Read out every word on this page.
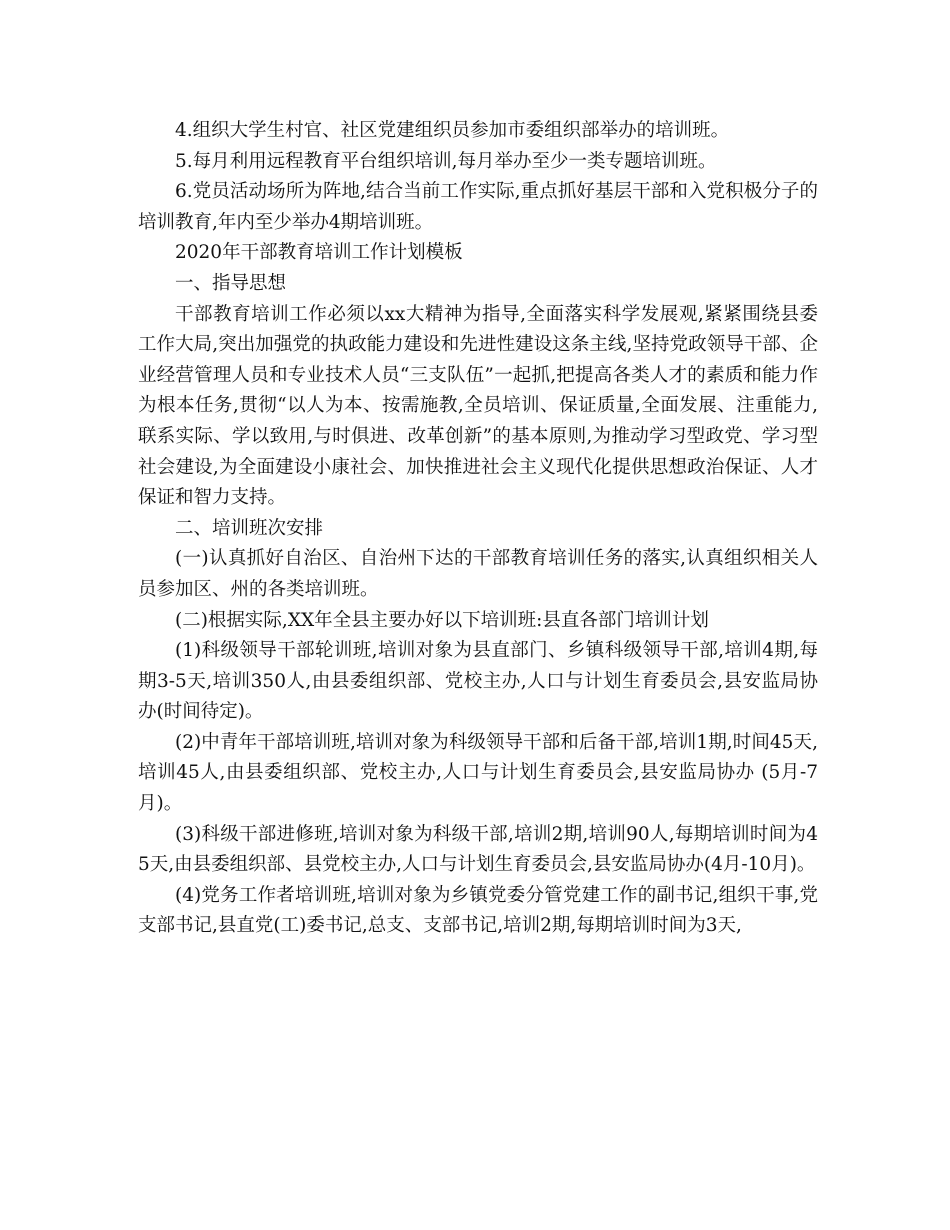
4.组织大学生村官、社区党建组织员参加市委组织部举办的培训班。

5.每月利用远程教育平台组织培训,每月举办至少一类专题培训班。

6.党员活动场所为阵地,结合当前工作实际,重点抓好基层干部和入党积极分子的培训教育,年内至少举办4期培训班。

2020年干部教育培训工作计划模板

一、指导思想

干部教育培训工作必须以xx大精神为指导,全面落实科学发展观,紧紧围绕县委工作大局,突出加强党的执政能力建设和先进性建设这条主线,坚持党政领导干部、企业经营管理人员和专业技术人员“三支队伍”一起抓,把提高各类人才的素质和能力作为根本任务,贯彻“以人为本、按需施教,全员培训、保证质量,全面发展、注重能力,联系实际、学以致用,与时俱进、改革创新”的基本原则,为推动学习型政党、学习型社会建设,为全面建设小康社会、加快推进社会主义现代化提供思想政治保证、人才保证和智力支持。

二、培训班次安排

(一)认真抓好自治区、自治州下达的干部教育培训任务的落实,认真组织相关人员参加区、州的各类培训班。

(二)根据实际,XX年全县主要办好以下培训班:县直各部门培训计划

(1)科级领导干部轮训班,培训对象为县直部门、乡镇科级领导干部,培训4期,每期3-5天,培训350人,由县委组织部、党校主办,人口与计划生育委员会,县安监局协办(时间待定)。

(2)中青年干部培训班,培训对象为科级领导干部和后备干部,培训1期,时间45天,培训45人,由县委组织部、党校主办,人口与计划生育委员会,县安监局协办 (5月-7月)。

(3)科级干部进修班,培训对象为科级干部,培训2期,培训90人,每期培训时间为45天,由县委组织部、县党校主办,人口与计划生育委员会,县安监局协办(4月-10月)。

(4)党务工作者培训班,培训对象为乡镇党委分管党建工作的副书记,组织干事,党支部书记,县直党(工)委书记,总支、支部书记,培训2期,每期培训时间为3天,
